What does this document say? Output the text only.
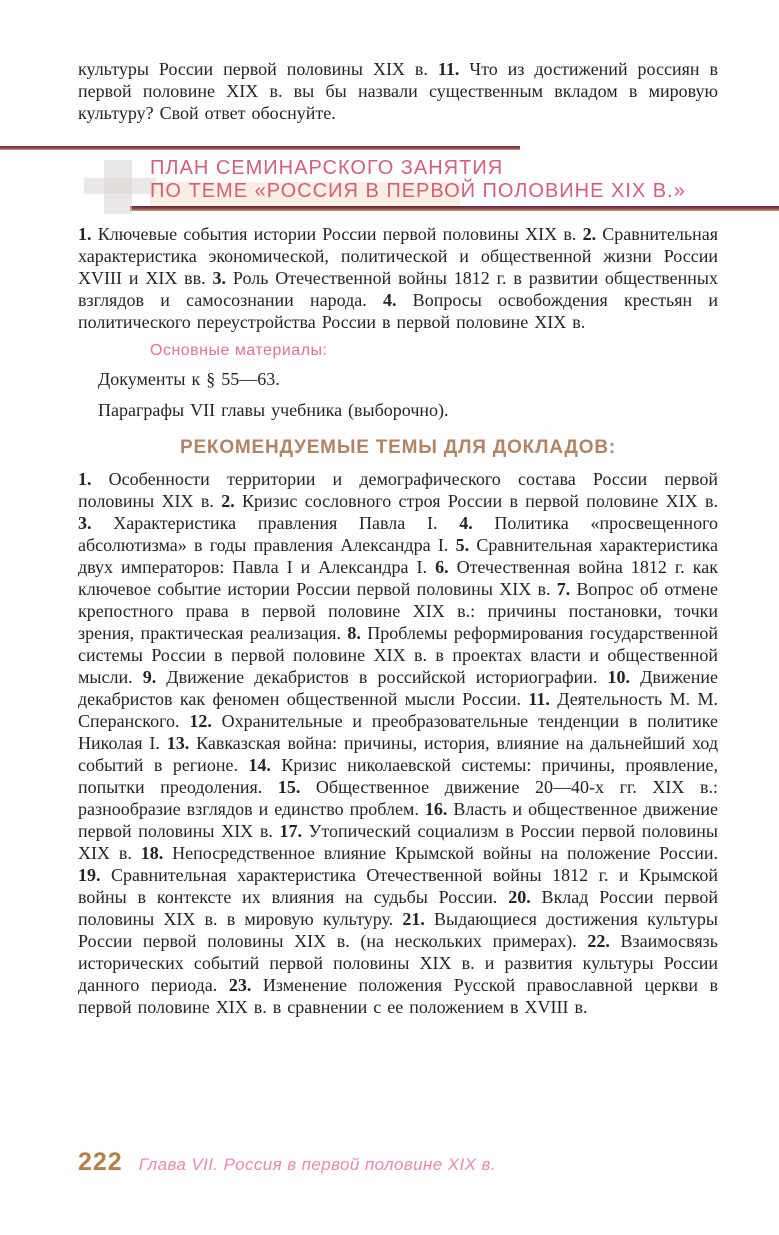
культуры России первой половины XIX в. 11. Что из достижений россиян в первой половине XIX в. вы бы назвали существенным вкладом в мировую культуру? Свой ответ обоснуйте.

ПЛАН СЕМИНАРСКОГО ЗАНЯТИЯ
ПО ТЕМЕ «РОССИЯ В ПЕРВОЙ ПОЛОВИНЕ XIX В.»

1. Ключевые события истории России первой половины XIX в. 2. Сравнительная характеристика экономической, политической и общественной жизни России XVIII и XIX вв. 3. Роль Отечественной войны 1812 г. в развитии общественных взглядов и самосознании народа. 4. Вопросы освобождения крестьян и политического переустройства России в первой половине XIX в.

Основные материалы:

Документы к § 55—63.

Параграфы VII главы учебника (выборочно).

РЕКОМЕНДУЕМЫЕ ТЕМЫ ДЛЯ ДОКЛАДОВ:

1. Особенности территории и демографического состава России первой половины XIX в. 2. Кризис сословного строя России в первой половине XIX в. 3. Характеристика правления Павла I. 4. Политика «просвещенного абсолютизма» в годы правления Александра I. 5. Сравнительная характеристика двух императоров: Павла I и Александра I. 6. Отечественная война 1812 г. как ключевое событие истории России первой половины XIX в. 7. Вопрос об отмене крепостного права в первой половине XIX в.: причины постановки, точки зрения, практическая реализация. 8. Проблемы реформирования государственной системы России в первой половине XIX в. в проектах власти и общественной мысли. 9. Движение декабристов в российской историографии. 10. Движение декабристов как феномен общественной мысли России. 11. Деятельность М. М. Сперанского. 12. Охранительные и преобразовательные тенденции в политике Николая I. 13. Кавказская война: причины, история, влияние на дальнейший ход событий в регионе. 14. Кризис николаевской системы: причины, проявление, попытки преодоления. 15. Общественное движение 20—40-х гг. XIX в.: разнообразие взглядов и единство проблем. 16. Власть и общественное движение первой половины XIX в. 17. Утопический социализм в России первой половины XIX в. 18. Непосредственное влияние Крымской войны на положение России. 19. Сравнительная характеристика Отечественной войны 1812 г. и Крымской войны в контексте их влияния на судьбы России. 20. Вклад России первой половины XIX в. в мировую культуру. 21. Выдающиеся достижения культуры России первой половины XIX в. (на нескольких примерах). 22. Взаимосвязь исторических событий первой половины XIX в. и развития культуры России данного периода. 23. Изменение положения Русской православной церкви в первой половине XIX в. в сравнении с ее положением в XVIII в.

222 Глава VII. Россия в первой половине XIX в.
